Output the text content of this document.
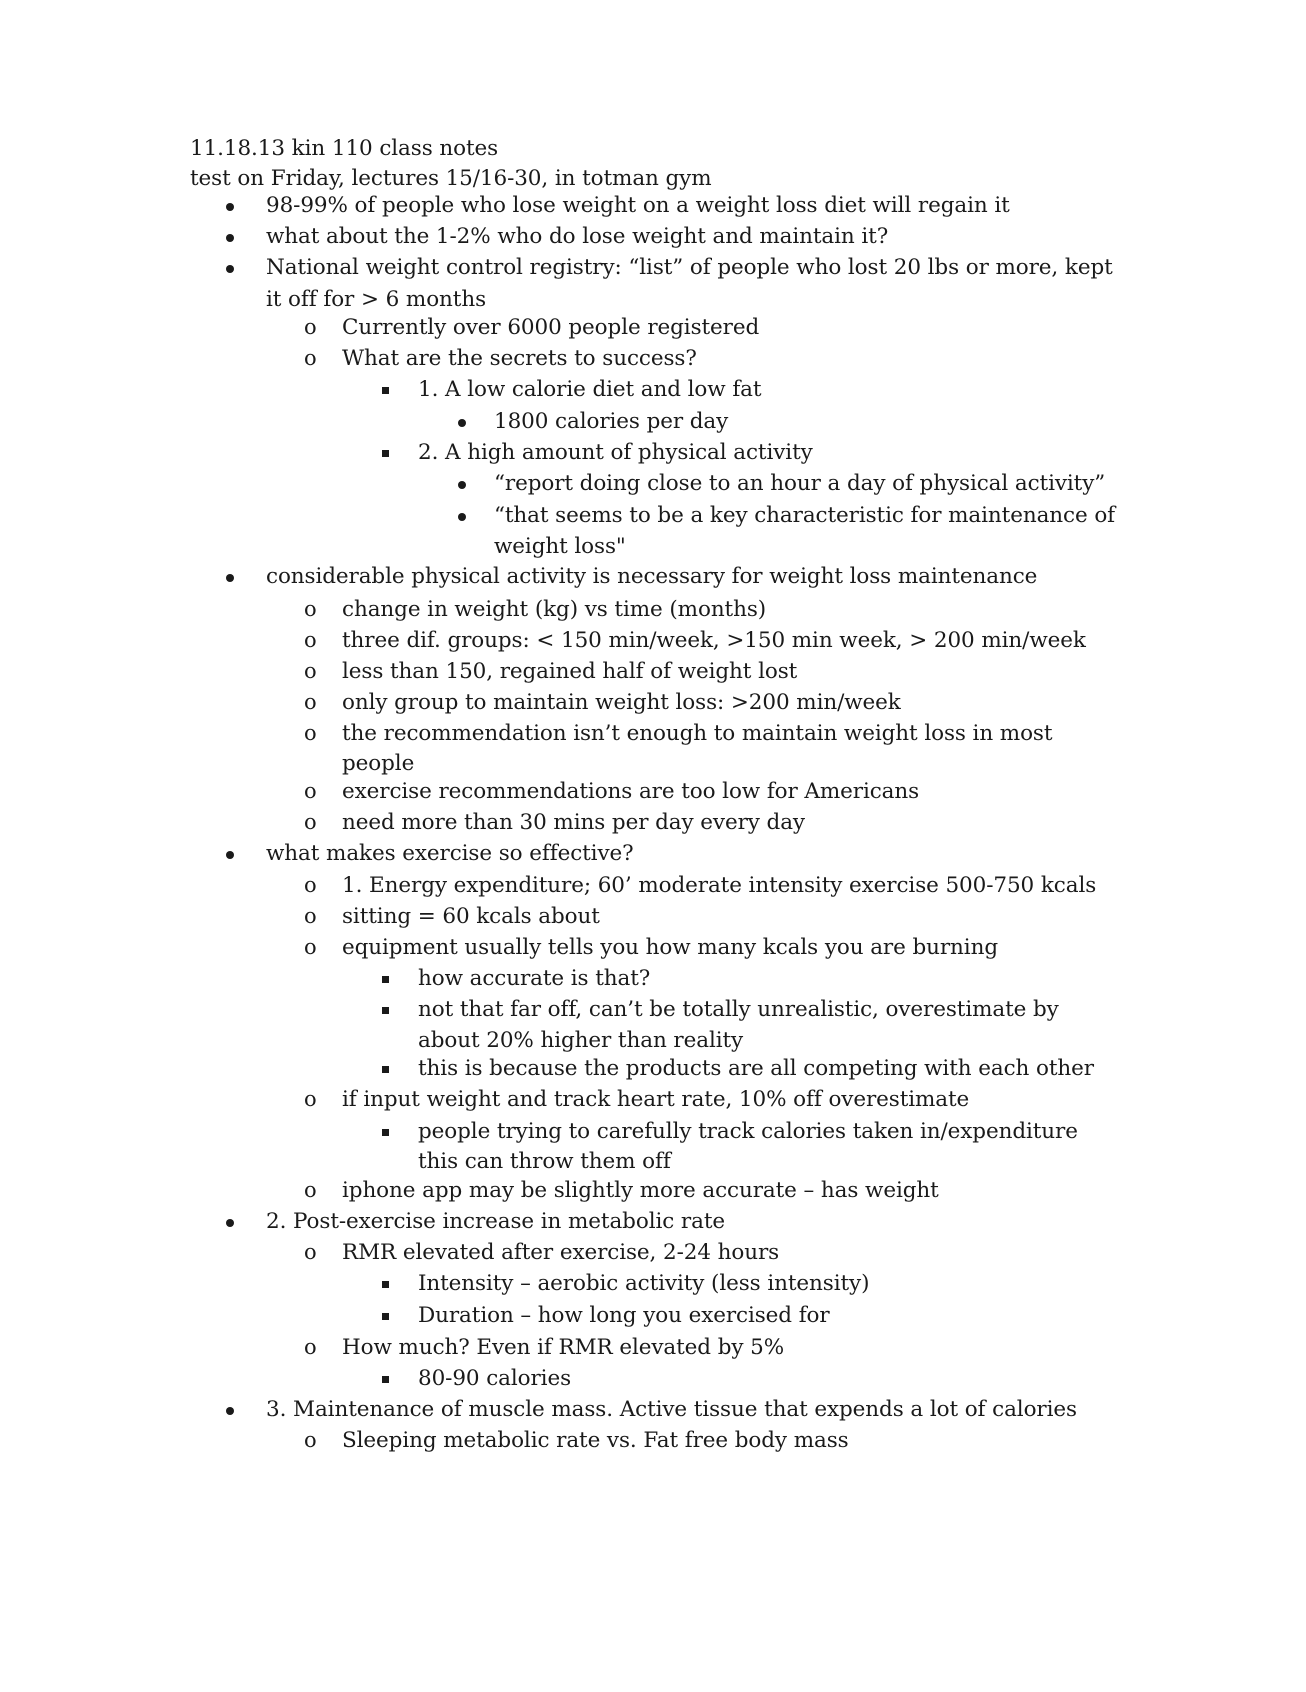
11.18.13 kin 110 class notes
test on Friday, lectures 15/16-30, in totman gym
98-99% of people who lose weight on a weight loss diet will regain it
what about the 1-2% who do lose weight and maintain it?
National weight control registry: “list” of people who lost 20 lbs or more, kept
it off for > 6 months
o Currently over 6000 people registered
o What are the secrets to success?
1. A low calorie diet and low fat
1800 calories per day
2. A high amount of physical activity
“report doing close to an hour a day of physical activity”
“that seems to be a key characteristic for maintenance of
weight loss"
considerable physical activity is necessary for weight loss maintenance
o change in weight (kg) vs time (months)
o three dif. groups: < 150 min/week, >150 min week, > 200 min/week
o less than 150, regained half of weight lost
o only group to maintain weight loss: >200 min/week
o the recommendation isn’t enough to maintain weight loss in most
people
o exercise recommendations are too low for Americans
o need more than 30 mins per day every day
what makes exercise so effective?
o 1. Energy expenditure; 60’ moderate intensity exercise 500-750 kcals
o sitting = 60 kcals about
o equipment usually tells you how many kcals you are burning
how accurate is that?
not that far off, can’t be totally unrealistic, overestimate by
about 20% higher than reality
this is because the products are all competing with each other
o if input weight and track heart rate, 10% off overestimate
people trying to carefully track calories taken in/expenditure
this can throw them off
o iphone app may be slightly more accurate – has weight
2. Post-exercise increase in metabolic rate
o RMR elevated after exercise, 2-24 hours
Intensity – aerobic activity (less intensity)
Duration – how long you exercised for
o How much? Even if RMR elevated by 5%
80-90 calories
3. Maintenance of muscle mass. Active tissue that expends a lot of calories
o Sleeping metabolic rate vs. Fat free body mass
